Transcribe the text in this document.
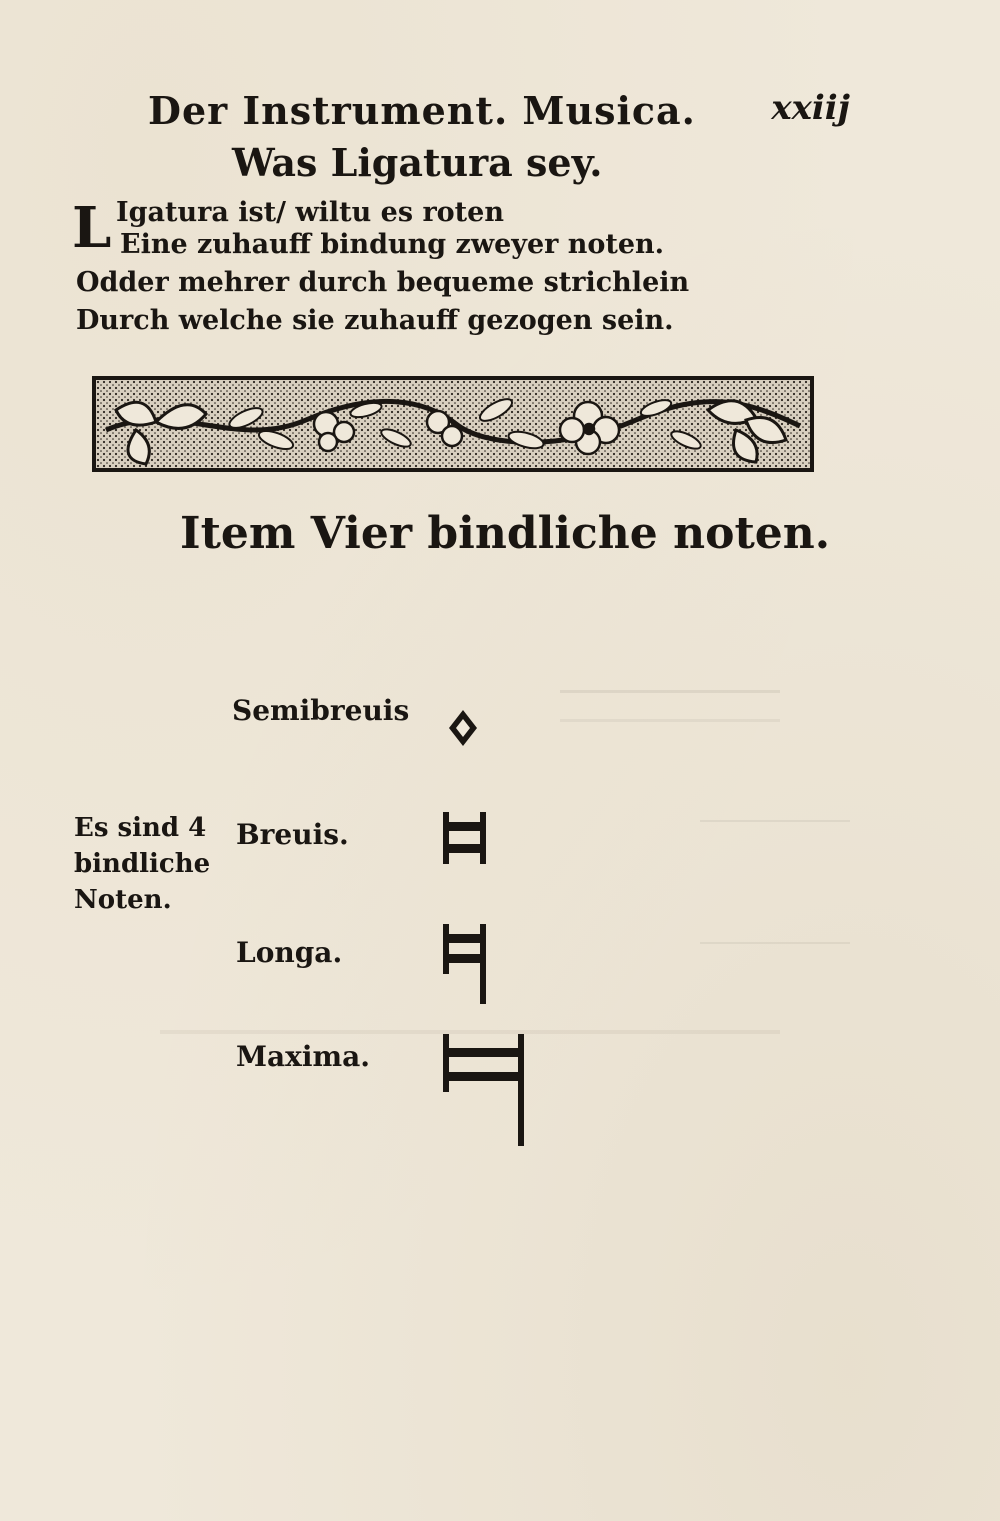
Der Instrument. Musica. xxiij
Was Ligatura sey.
L Igatura ist/ wiltu es roten
Eine zuhauff bindung zweyer noten.
Odder mehrer durch bequeme strichlein
Durch welche sie zuhauff gezogen sein.
Item Vier bindliche noten.
Semibreuis
Breuis.
Longa.
Maxima.
Es sind 4
bindliche
Noten.
